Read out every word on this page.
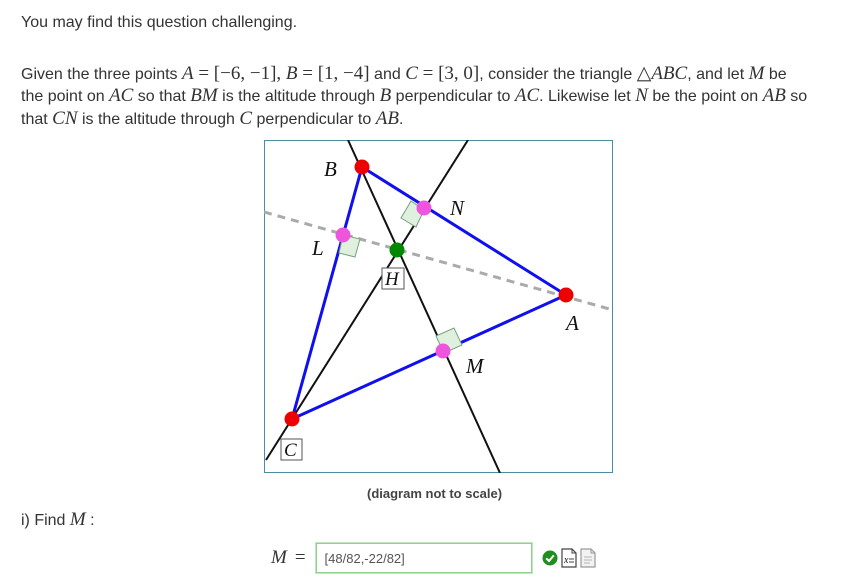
You may find this question challenging.
Given the three points A = [−6, −1], B = [1, −4] and C = [3, 0], consider the triangle △ABC, and let M be
the point on AC so that BM is the altitude through B perpendicular to AC. Likewise let N be the point on AB so
that CN is the altitude through C perpendicular to AB.
B
N
L
H
A
M
C
(diagram not to scale)
i) Find M :
M =
[48/82,-22/82]	x
